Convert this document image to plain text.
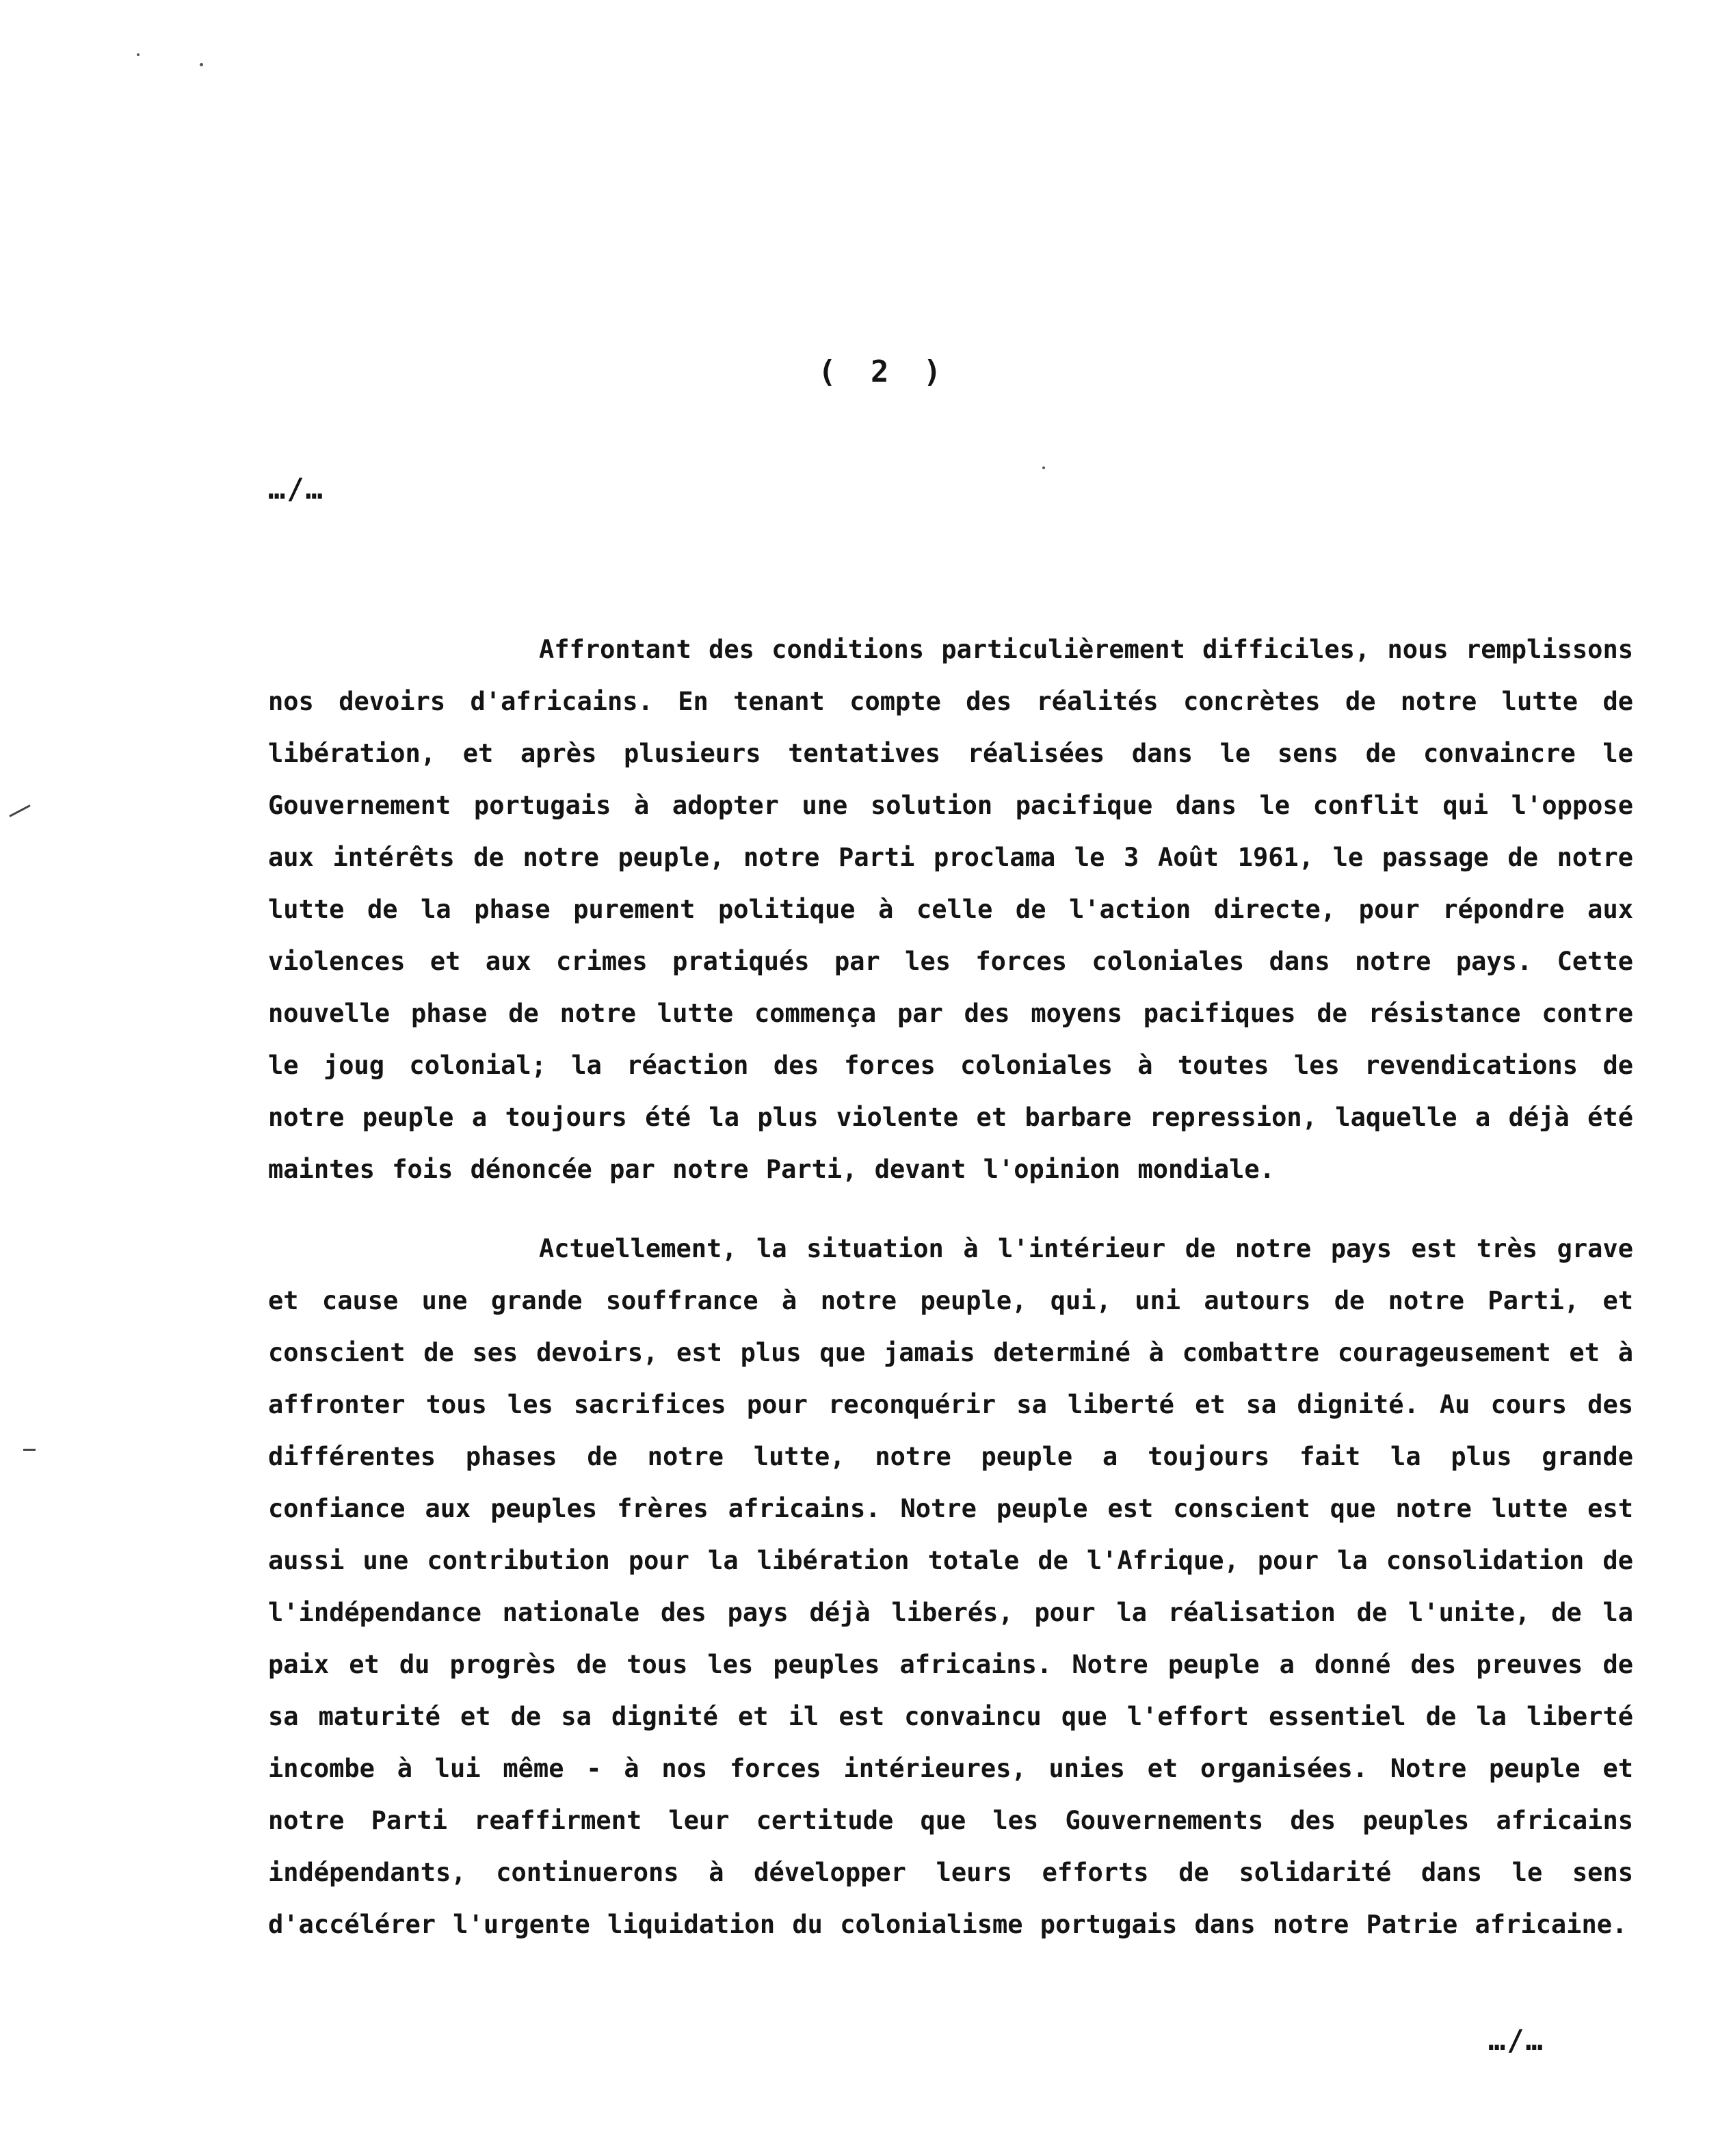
( 2 )
…/…

Affrontant des conditions particulièrement difficiles, nous remplissons nos devoirs d'africains. En tenant compte des réalités concrètes de notre lutte de libération, et après plusieurs tentatives réalisées dans le sens de convaincre le Gouvernement portugais à adopter une solution pacifique dans le conflit qui l'oppose aux intérêts de notre peuple, notre Parti proclama le 3 Août 1961, le passage de notre lutte de la phase purement politique à celle de l'action directe, pour répondre aux violences et aux crimes pratiqués par les forces coloniales dans notre pays. Cette nouvelle phase de notre lutte commença par des moyens pacifiques de résistance contre le joug colonial; la réaction des forces coloniales à toutes les revendications de notre peuple a toujours été la plus violente et barbare repression, laquelle a déjà été maintes fois dénoncée par notre Parti, devant l'opinion mondiale.

Actuellement, la situation à l'intérieur de notre pays est très grave et cause une grande souffrance à notre peuple, qui, uni autours de notre Parti, et conscient de ses devoirs, est plus que jamais determiné à combattre courageusement et à affronter tous les sacrifices pour reconquérir sa liberté et sa dignité. Au cours des différentes phases de notre lutte, notre peuple a toujours fait la plus grande confiance aux peuples frères africains. Notre peuple est conscient que notre lutte est aussi une contribution pour la libération totale de l'Afrique, pour la consolidation de l'indépendance nationale des pays déjà liberés, pour la réalisation de l'unite, de la paix et du progrès de tous les peuples africains. Notre peuple a donné des preuves de sa maturité et de sa dignité et il est convaincu que l'effort essentiel de la liberté incombe à lui même - à nos forces intérieures, unies et organisées. Notre peuple et notre Parti reaffirment leur certitude que les Gouvernements des peuples africains indépendants, continuerons à développer leurs efforts de solidarité dans le sens d'accélérer l'urgente liquidation du colonialisme portugais dans notre Patrie africaine.

…/…
